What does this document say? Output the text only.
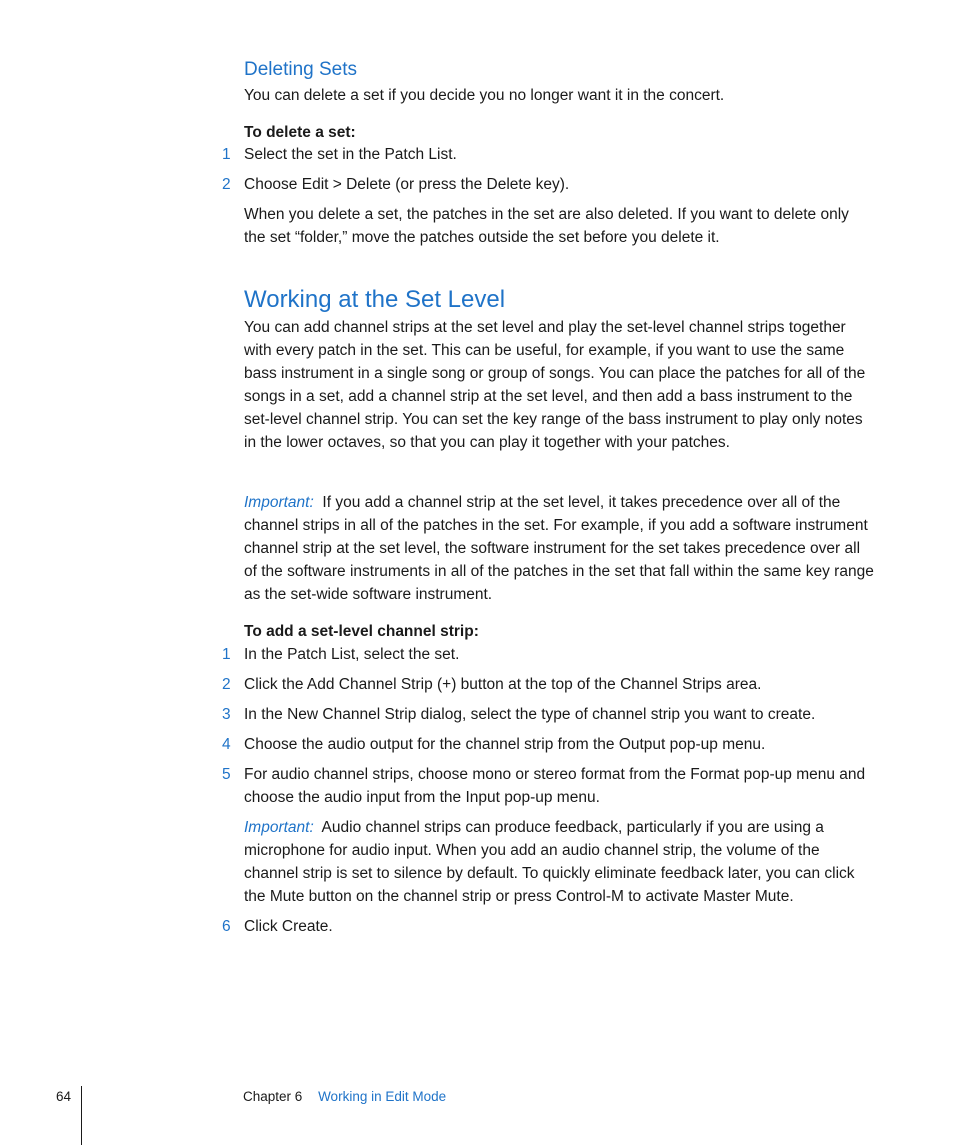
Deleting Sets

You can delete a set if you decide you no longer want it in the concert.

To delete a set:
1 Select the set in the Patch List.

2 Choose Edit > Delete (or press the Delete key).

When you delete a set, the patches in the set are also deleted. If you want to delete only the set “folder,” move the patches outside the set before you delete it.

Working at the Set Level

You can add channel strips at the set level and play the set-level channel strips together with every patch in the set. This can be useful, for example, if you want to use the same bass instrument in a single song or group of songs. You can place the patches for all of the songs in a set, add a channel strip at the set level, and then add a bass instrument to the set-level channel strip. You can set the key range of the bass instrument to play only notes in the lower octaves, so that you can play it together with your patches.

Important: If you add a channel strip at the set level, it takes precedence over all of the channel strips in all of the patches in the set. For example, if you add a software instrument channel strip at the set level, the software instrument for the set takes precedence over all of the software instruments in all of the patches in the set that fall within the same key range as the set-wide software instrument.

To add a set-level channel strip:
1 In the Patch List, select the set.

2 Click the Add Channel Strip (+) button at the top of the Channel Strips area.

3 In the New Channel Strip dialog, select the type of channel strip you want to create.

4 Choose the audio output for the channel strip from the Output pop-up menu.

5 For audio channel strips, choose mono or stereo format from the Format pop-up menu and choose the audio input from the Input pop-up menu.

Important: Audio channel strips can produce feedback, particularly if you are using a microphone for audio input. When you add an audio channel strip, the volume of the channel strip is set to silence by default. To quickly eliminate feedback later, you can click the Mute button on the channel strip or press Control-M to activate Master Mute.

6 Click Create.

64	Chapter 6 Working in Edit Mode
